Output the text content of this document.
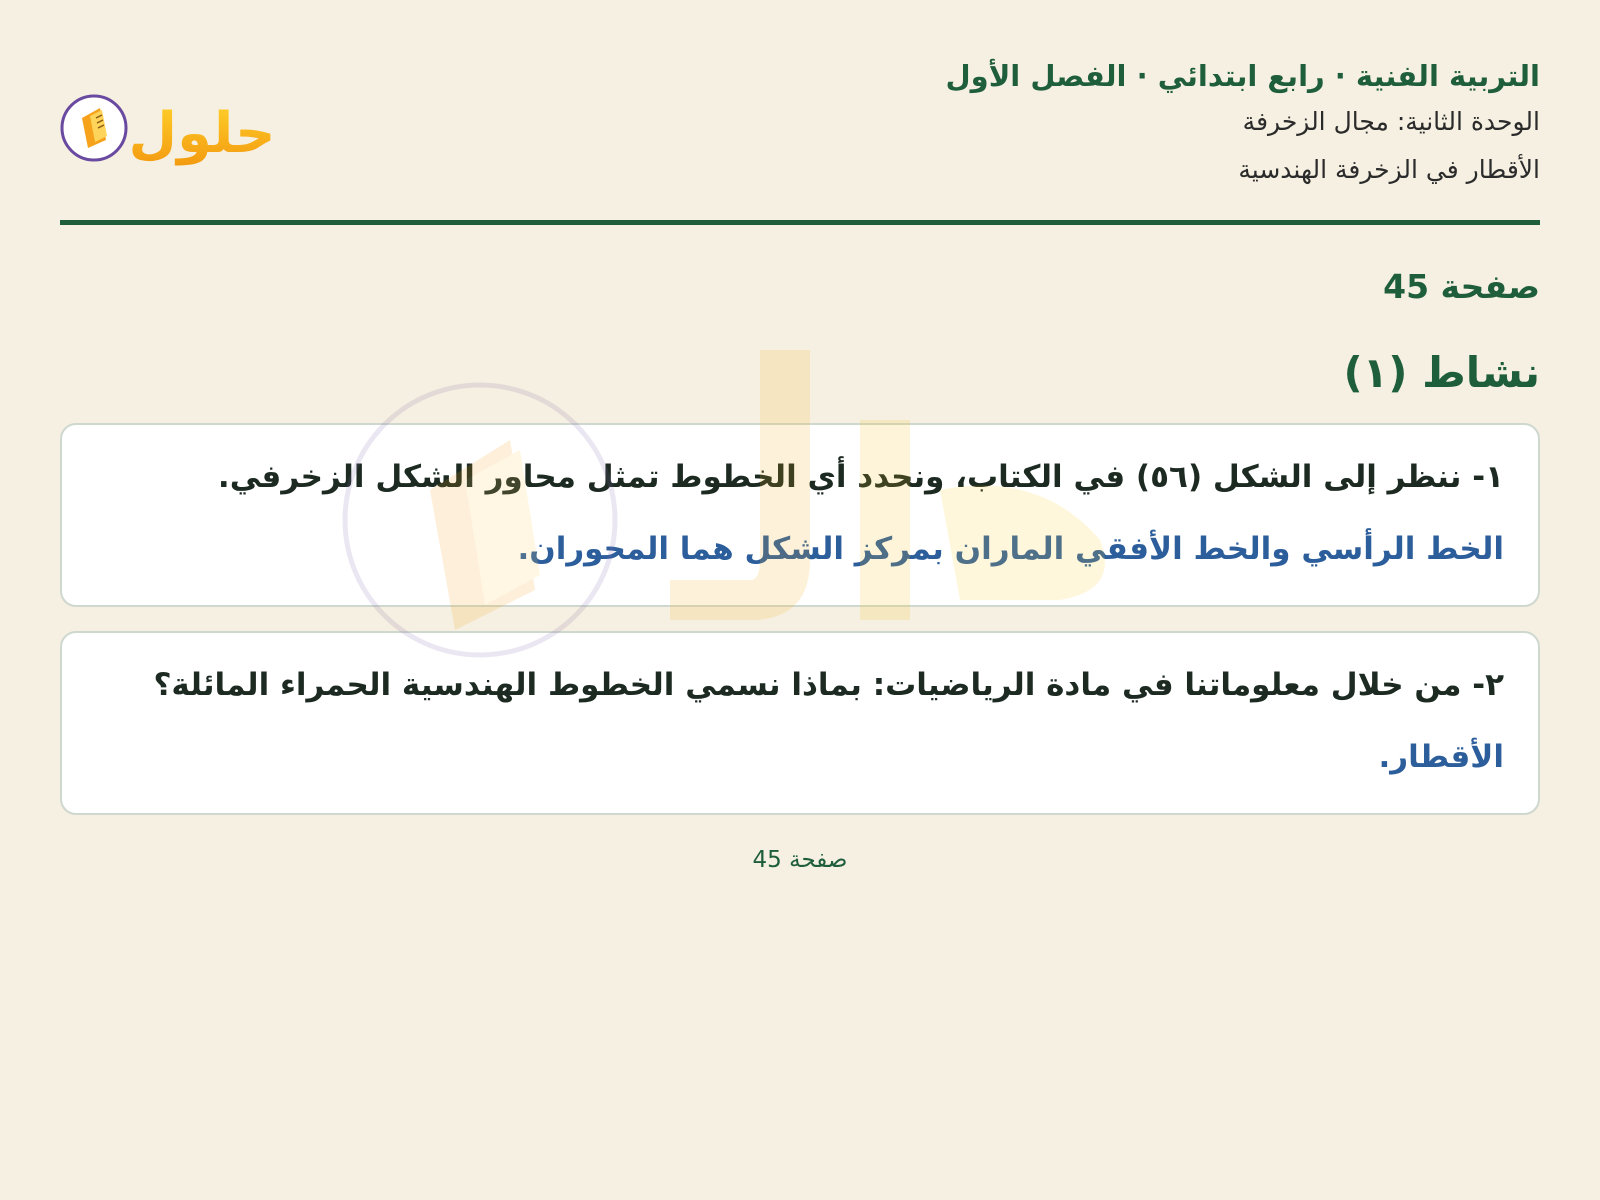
التربية الفنية · رابع ابتدائي · الفصل الأول

الوحدة الثانية: مجال الزخرفة

الأقطار في الزخرفة الهندسية

حلول
صفحة 45
نشاط (١)

١- ننظر إلى الشكل (٥٦) في الكتاب، ونحدد أي الخطوط تمثل محاور الشكل الزخرفي.

الخط الرأسي والخط الأفقي الماران بمركز الشكل هما المحوران.

٢- من خلال معلوماتنا في مادة الرياضيات: بماذا نسمي الخطوط الهندسية الحمراء المائلة؟

الأقطار.

صفحة 45
